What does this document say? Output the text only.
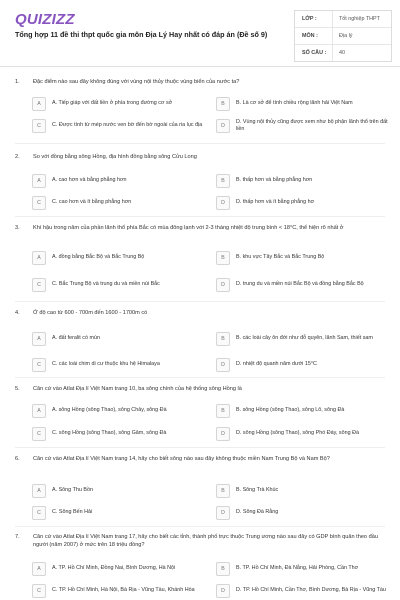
QUIZIZZ
Tổng hợp 11 đề thi thpt quốc gia môn Địa Lý Hay nhất có đáp án (Đề số 9)
LỚP :	Tốt nghiệp THPT
MÔN :	Địa lý
SỐ CÂU :	40
1. Đặc điểm nào sau đây không đúng với vùng nội thủy thuộc vùng biển của nước ta?
A	A. Tiếp giáp với đất liền ở phía trong đường cơ sở	B	B. Là cơ sở để tính chiều rộng lãnh hải Việt Nam
C	C. Được tính từ mép nước ven bờ đến bờ ngoài của ria lục địa	D
D. Vùng nội thủy cũng được xem như bộ phận lãnh thổ trên đất liền
2. So với đồng bằng sông Hồng, địa hình đồng bằng sông Cửu Long
A	A. cao hơn và bằng phẳng hơn	B	B. thấp hơn và bằng phẳng hơn
C	C. cao hơn và ít bằng phẳng hơn	D	D. thấp hơn và ít bằng phẳng hơ
3. Khí hậu trong năm của phần lãnh thổ phía Bắc có mùa đông lạnh với 2-3 tháng nhiệt độ trung bình < 18°C, thể hiện rõ nhất ở
A	A. đồng bằng Bắc Bộ và Bắc Trung Bộ	B	B. khu vực Tây Bắc và Bắc Trung Bộ
C	C. Bắc Trung Bộ và trung du và miền núi Bắc	D	D. trung du và miền núi Bắc Bộ và đồng bằng Bắc Bộ
4. Ở độ cao từ 600 - 700m đến 1600 - 1700m có
A	A. đất feralit có mùn	B	B. các loài cây ôn đới như đỗ quyên, lãnh Sam, thiết sam
C	C. các loài chim di cư thuộc khu hệ Himalaya	D	D. nhiệt độ quanh năm dưới 15°C
5. Căn cứ vào Atlat Địa lí Việt Nam trang 10, ba sông chính của hệ thống sông Hồng là
A	A. sông Hồng (sông Thao), sông Chảy, sông Đà	B	B. sông Hồng (sông Thao), sông Lô, sông Đà
C	C. sông Hồng (sông Thao), sông Gâm, sông Đà	D	D. sông Hồng (sông Thao), sông Phó Đáy, sông Đà
6. Căn cứ vào Atlat Địa lí Việt Nam trang 14, hãy cho biết sông nào sau đây không thuộc miền Nam Trung Bộ và Nam Bộ?
A	A. Sông Thu Bồn	B	B. Sông Trà Khúc
C	C. Sông Bến Hải	D	D. Sông Đà Rằng
7. Căn cứ vào Atlat Địa lí Việt Nam trang 17, hãy cho biết các tỉnh, thành phố trực thuộc Trung ương nào sau đây có GDP bình quân theo đầu người (năm 2007) ở mức trên 18 triệu đồng?
A	A. TP. Hồ Chí Minh, Đồng Nai, Bình Dương, Hà Nội	B	B. TP. Hồ Chí Minh, Đà Nẵng, Hải Phòng, Cần Thơ
C	C. TP. Hồ Chí Minh, Hà Nội, Bà Rịa - Vũng Tàu, Khánh Hòa	D	D. TP. Hồ Chí Minh, Cần Thơ, Bình Dương, Bà Rịa - Vũng Tàu
